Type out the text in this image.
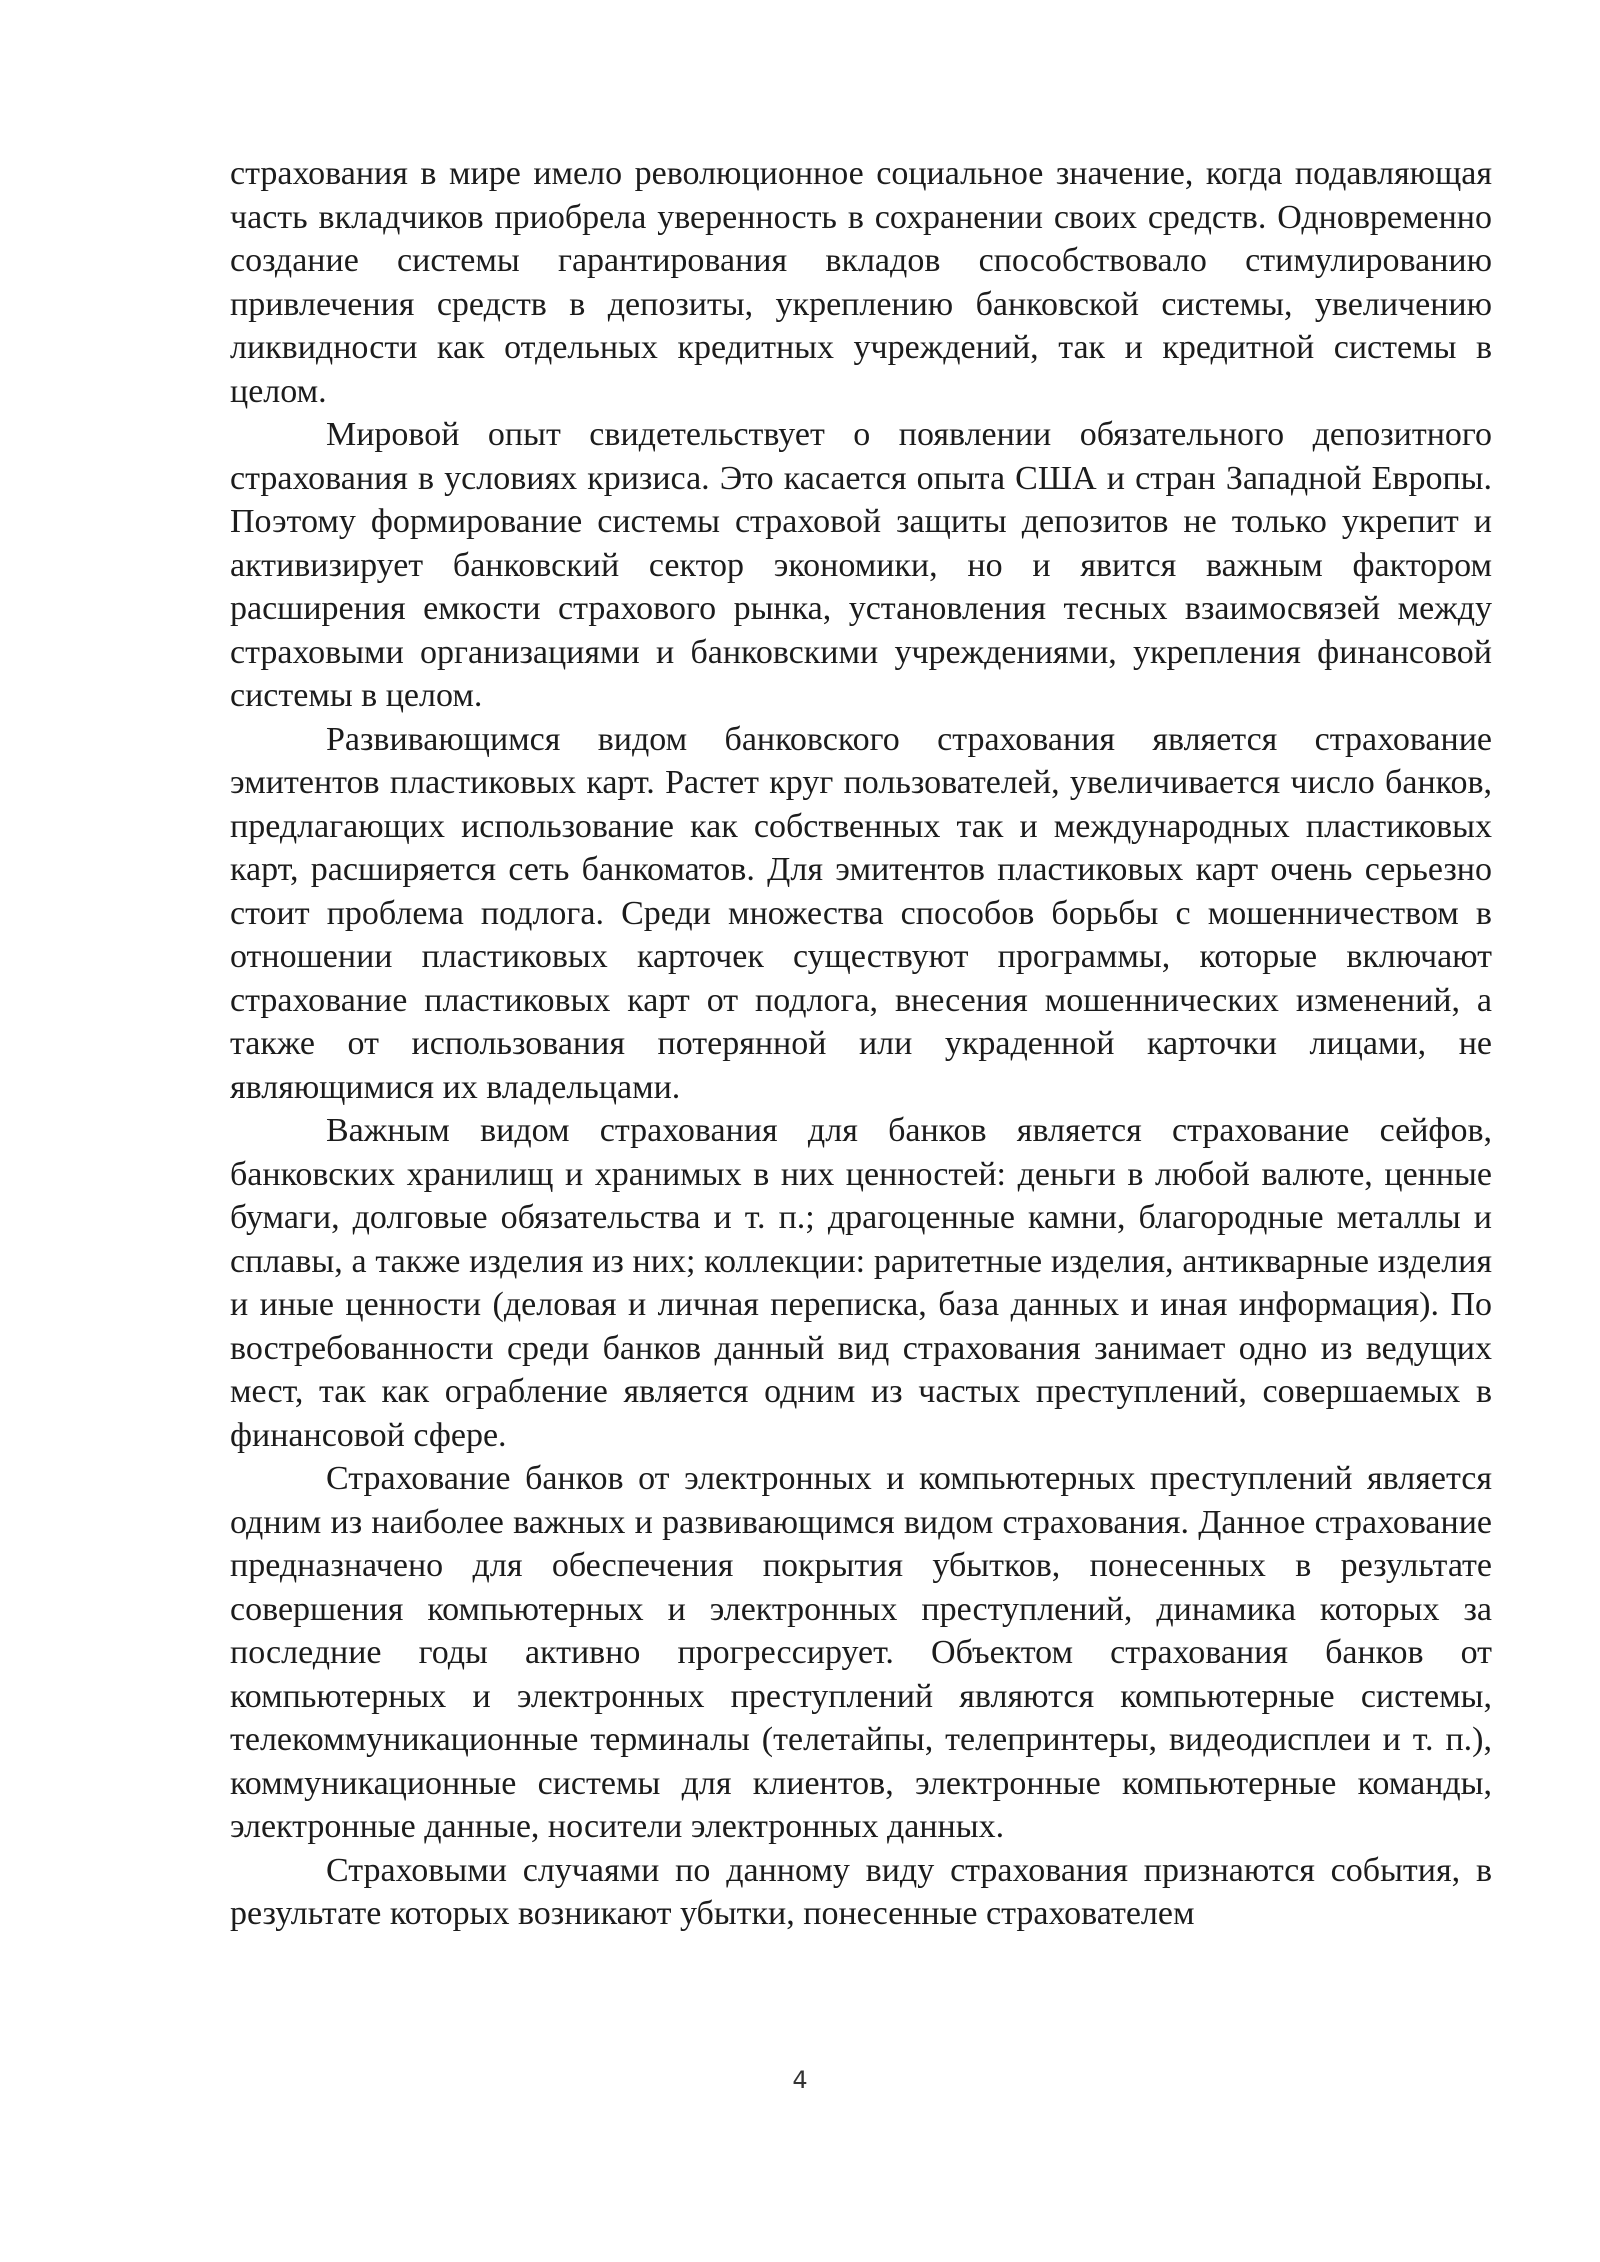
страхования в мире имело революционное социальное значение, когда подавляющая часть вкладчиков приобрела уверенность в сохранении своих средств. Одновременно создание системы гарантирования вкладов способствовало стимулированию привлечения средств в депозиты, укреплению банковской системы, увеличению ликвидности как отдельных кредитных учреждений, так и кредитной системы в целом.

Мировой опыт свидетельствует о появлении обязательного депозитного страхования в условиях кризиса. Это касается опыта США и стран Западной Европы. Поэтому формирование системы страховой защиты депозитов не только укрепит и активизирует банковский сектор экономики, но и явится важным фактором расширения емкости страхового рынка, установления тесных взаимосвязей между страховыми организациями и банковскими учреждениями, укрепления финансовой системы в целом.

Развивающимся видом банковского страхования является страхование эмитентов пластиковых карт. Растет круг пользователей, увеличивается число банков, предлагающих использование как собственных так и международных пластиковых карт, расширяется сеть банкоматов. Для эмитентов пластиковых карт очень серьезно стоит проблема подлога. Среди множества способов борьбы с мошенничеством в отношении пластиковых карточек существуют программы, которые включают страхование пластиковых карт от подлога, внесения мошеннических изменений, а также от использования потерянной или украденной карточки лицами, не являющимися их владельцами.

Важным видом страхования для банков является страхование сейфов, банковских хранилищ и хранимых в них ценностей: деньги в любой валюте, ценные бумаги, долговые обязательства и т. п.; драгоценные камни, благородные металлы и сплавы, а также изделия из них; коллекции: раритетные изделия, антикварные изделия и иные ценности (деловая и личная переписка, база данных и иная информация). По востребованности среди банков данный вид страхования занимает одно из ведущих мест, так как ограбление является одним из частых преступлений, совершаемых в финансовой сфере.

Страхование банков от электронных и компьютерных преступлений является одним из наиболее важных и развивающимся видом страхования. Данное страхование предназначено для обеспечения покрытия убытков, понесенных в результате совершения компьютерных и электронных преступлений, динамика которых за последние годы активно прогрессирует. Объектом страхования банков от компьютерных и электронных преступлений являются компьютерные системы, телекоммуникационные терминалы (телетайпы, телепринтеры, видеодисплеи и т. п.), коммуникационные системы для клиентов, электронные компьютерные команды, электронные данные, носители электронных данных.

Страховыми случаями по данному виду страхования признаются события, в результате которых возникают убытки, понесенные страхователем

4
